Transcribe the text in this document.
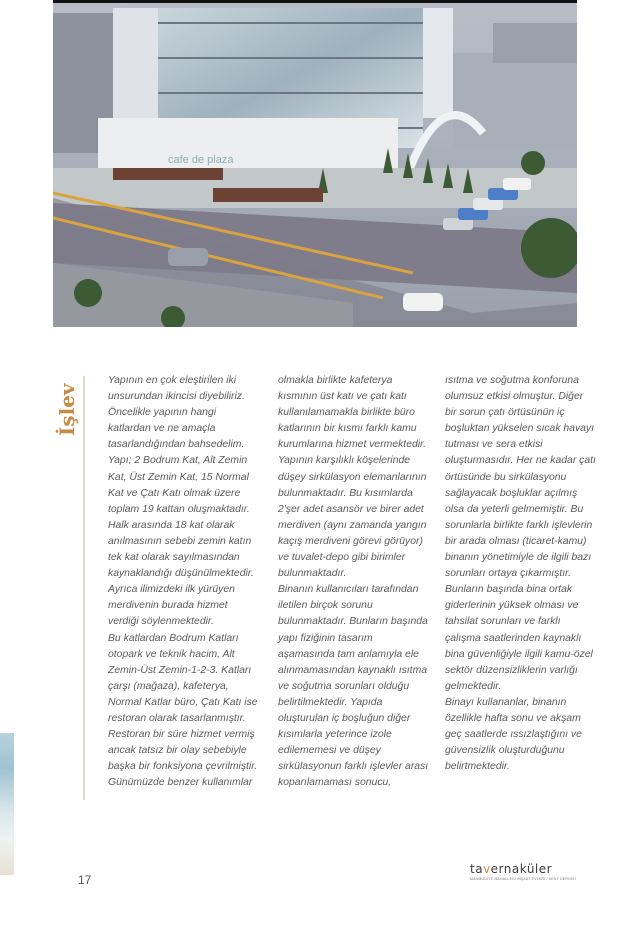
cafe de plaza
İşlev

Yapının en çok eleştirilen iki unsurundan ikincisi diyebiliriz. Öncelikle yapının hangi katlardan ve ne amaçla tasarlandığından bahsedelim. Yapı; 2 Bodrum Kat, Alt Zemin Kat, Üst Zemin Kat, 15 Normal Kat ve Çatı Katı olmak üzere toplam 19 kattan oluşmaktadır. Halk arasında 18 kat olarak anılmasının sebebi zemin katın tek kat olarak sayılmasından kaynaklandığı düşünülmektedir. Ayrıca ilimizdeki ilk yürüyen merdivenin burada hizmet verdiği söylenmektedir.

Bu katlardan Bodrum Katları otopark ve teknik hacim, Alt Zemin-Üst Zemin-1-2-3. Katları çarşı (mağaza), kafeterya, Normal Katlar büro, Çatı Katı ise restoran olarak tasarlanmıştır. Restoran bir süre hizmet vermiş ancak tatsız bir olay sebebiyle başka bir fonksiyona çevrilmiştir. Günümüzde benzer kullanımlar

olmakla birlikte kafeterya kısmının üst katı ve çatı katı kullanılamamakla birlikte büro katlarının bir kısmı farklı kamu kurumlarına hizmet vermektedir. Yapının karşılıklı köşelerinde düşey sirkülasyon elemanlarının bulunmaktadır. Bu kısımlarda 2'şer adet asansör ve birer adet merdiven (aynı zamanda yangın kaçış merdiveni görevi görüyor) ve tuvalet-depo gibi birimler bulunmaktadır.

Binanın kullanıcıları tarafından iletilen birçok sorunu bulunmaktadır. Bunların başında yapı fiziğinin tasarım aşamasında tam anlamıyla ele alınmamasından kaynaklı ısıtma ve soğutma sorunları olduğu belirtilmektedir. Yapıda oluşturulan iç boşluğun diğer kısımlarla yeterince izole edilememesi ve düşey sirkülasyonun farklı işlevler arası koparılamaması sonucu,

ısıtma ve soğutma konforuna olumsuz etkisi olmuştur. Diğer bir sorun çatı örtüsünün iç boşluktan yükselen sıcak havayı tutması ve sera etkisi oluşturmasıdır. Her ne kadar çatı örtüsünde bu sirkülasyonu sağlayacak boşluklar açılmış olsa da yeterli gelmemiştir. Bu sorunlarla birlikte farklı işlevlerin bir arada olması (ticaret-kamu) binanın yönetimiyle de ilgili bazı sorunları ortaya çıkarmıştır. Bunların başında bina ortak giderlerinin yüksek olması ve tahsilat sorunları ve farklı çalışma saatlerinden kaynaklı bina güvenliğiyle ilgili kamu-özel sektör düzensizliklerin varlığı gelmektedir.

Binayı kullananlar, binanın özellikle hafta sonu ve akşam geç saatlerde ıssızlaştığını ve güvensizlik oluşturduğunu belirtmektedir.

17
tavernaküler
MAHMUDİYE MAHALLESİ İNŞAAT EVLERİ / KENT DERGİSİ
